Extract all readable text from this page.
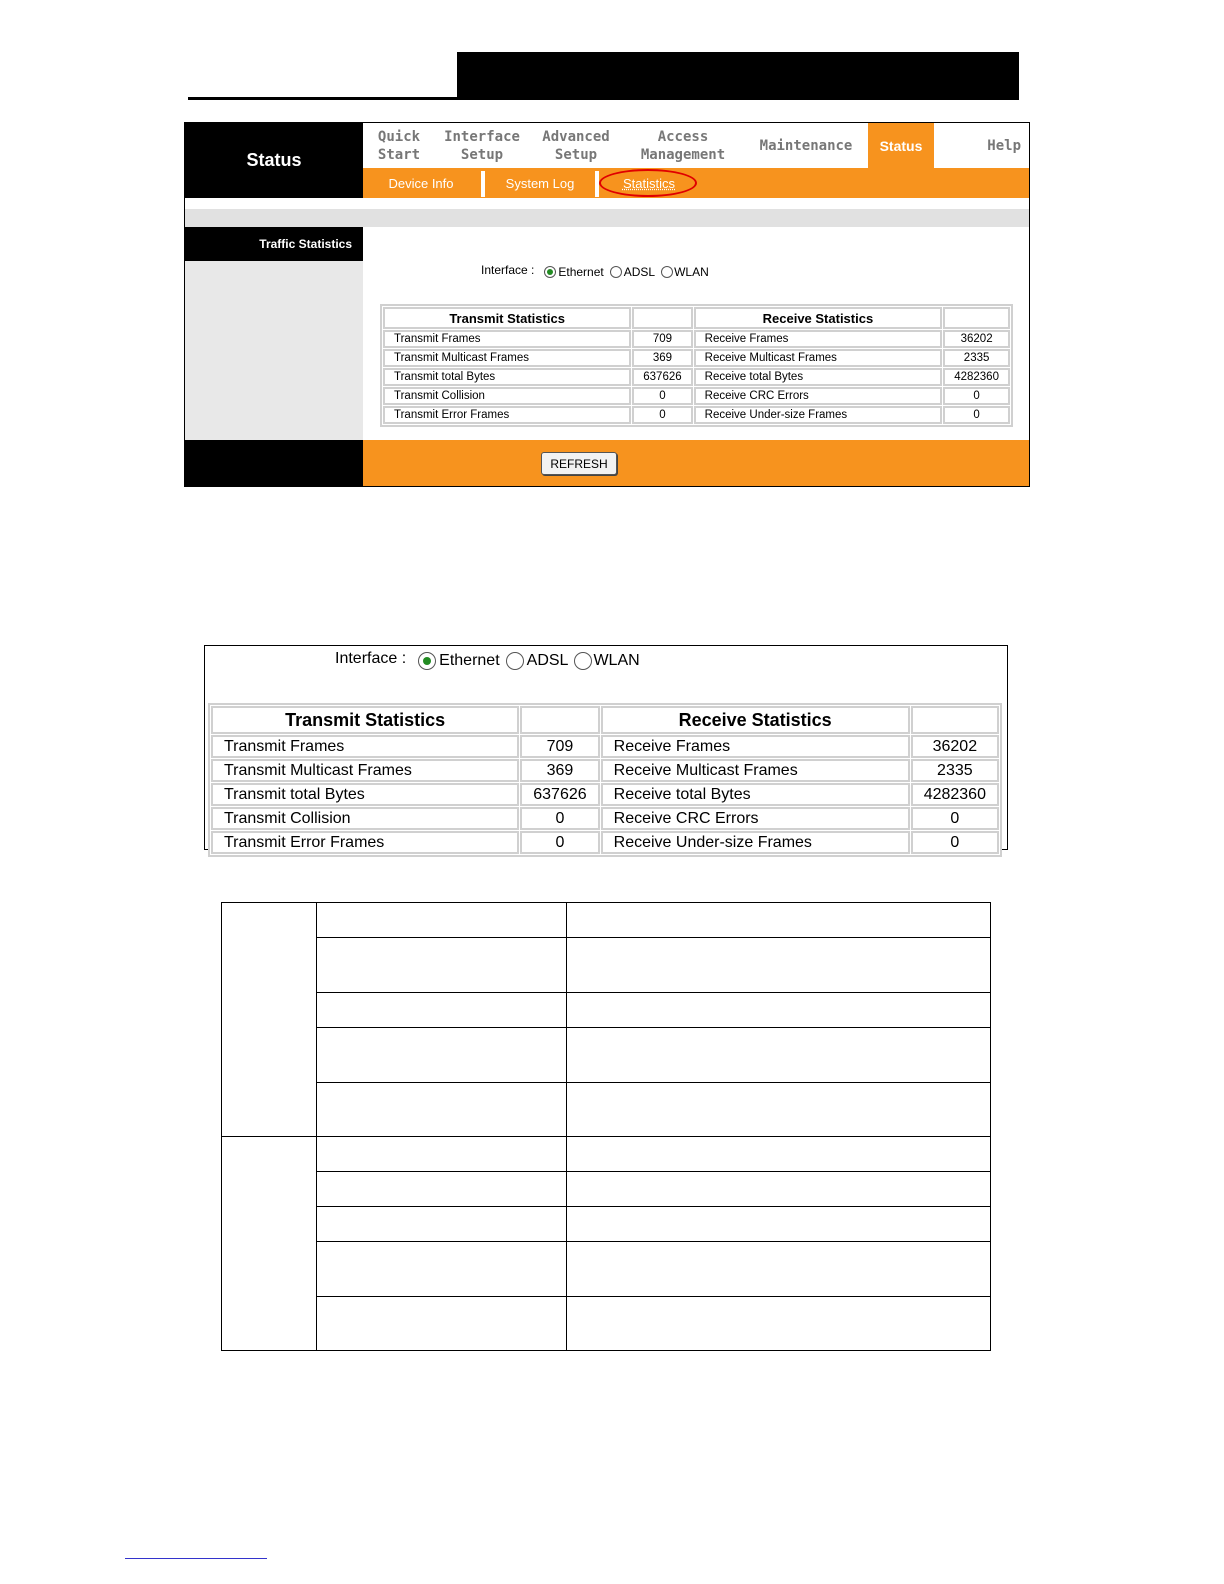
Status
Quick
Start
Interface
Setup
Advanced
Setup
Access
Management
Maintenance	Status	Help
Device Info	System Log	Statistics
Traffic Statistics
Interface : Ethernet ADSL WLAN
Transmit Statistics		Receive Statistics	
Transmit Frames	709	Receive Frames	36202
Transmit Multicast Frames	369	Receive Multicast Frames	2335
Transmit total Bytes	637626	Receive total Bytes	4282360
Transmit Collision	0	Receive CRC Errors	0
Transmit Error Frames	0	Receive Under-size Frames	0
REFRESH
Interface : Ethernet ADSL WLAN
Transmit Statistics		Receive Statistics	
Transmit Frames	709	Receive Frames	36202
Transmit Multicast Frames	369	Receive Multicast Frames	2335
Transmit total Bytes	637626	Receive total Bytes	4282360
Transmit Collision	0	Receive CRC Errors	0
Transmit Error Frames	0	Receive Under-size Frames	0
